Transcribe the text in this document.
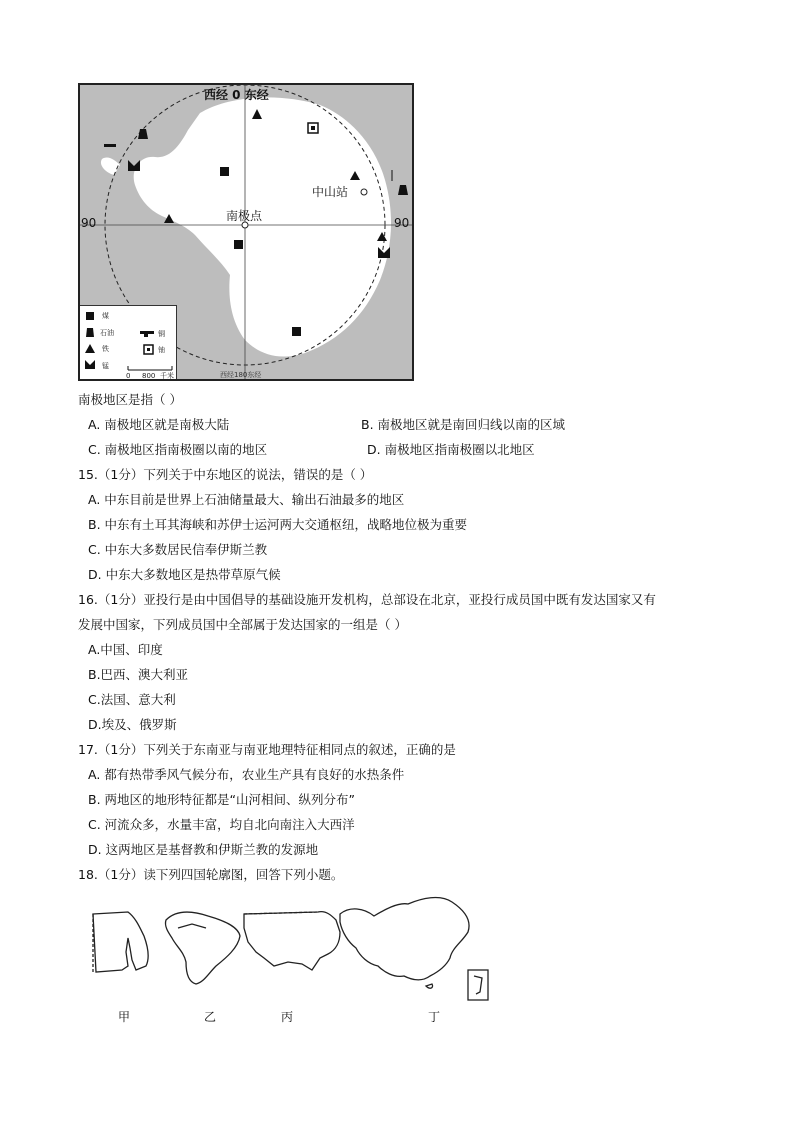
西经 0 东经
90	90
中山站
南极点
西经180东经
煤
石油
铁
锰
铜
铀
0 800 千米
南极地区是指（ ）
A. 南极地区就是南极大陆	B. 南极地区就是南回归线以南的区域
C. 南极地区指南极圈以南的地区	D. 南极地区指南极圈以北地区
15.（1分）下列关于中东地区的说法，错误的是（ ）
A. 中东目前是世界上石油储量最大、输出石油最多的地区
B. 中东有土耳其海峡和苏伊士运河两大交通枢纽，战略地位极为重要
C. 中东大多数居民信奉伊斯兰教
D. 中东大多数地区是热带草原气候
16.（1分）亚投行是由中国倡导的基础设施开发机构，总部设在北京，亚投行成员国中既有发达国家又有
发展中国家，下列成员国中全部属于发达国家的一组是（ ）
A.中国、印度
B.巴西、澳大利亚
C.法国、意大利
D.埃及、俄罗斯
17.（1分）下列关于东南亚与南亚地理特征相同点的叙述，正确的是
A. 都有热带季风气候分布，农业生产具有良好的水热条件
B. 两地区的地形特征都是“山河相间、纵列分布”
C. 河流众多，水量丰富，均自北向南注入大西洋
D. 这两地区是基督教和伊斯兰教的发源地
18.（1分）读下列四国轮廓图，回答下列小题。
甲	乙	丙	丁
